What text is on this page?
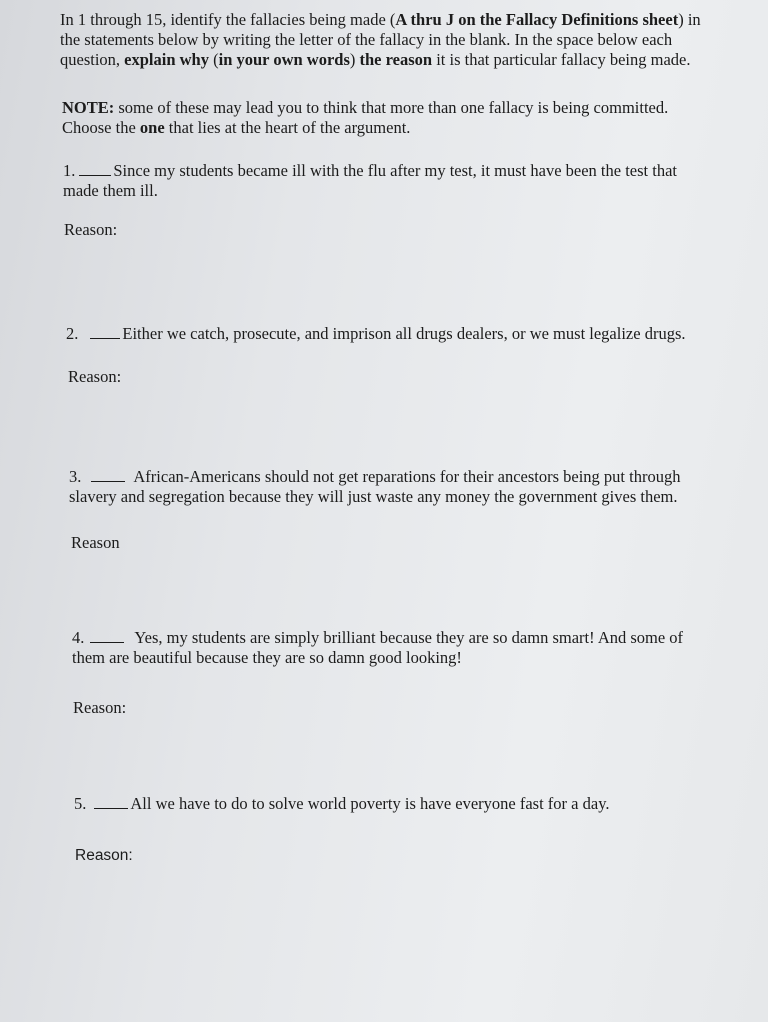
In 1 through 15, identify the fallacies being made (A thru J on the Fallacy Definitions sheet) in
the statements below by writing the letter of the fallacy in the blank. In the space below each
question, explain why (in your own words) the reason it is that particular fallacy being made.
NOTE: some of these may lead you to think that more than one fallacy is being committed.
Choose the one that lies at the heart of the argument.
1. Since my students became ill with the flu after my test, it must have been the test that
made them ill.
Reason:
2.	Either we catch, prosecute, and imprison all drugs dealers, or we must legalize drugs.
Reason:
3.	African-Americans should not get reparations for their ancestors being put through
slavery and segregation because they will just waste any money the government gives them.
Reason
4.	Yes, my students are simply brilliant because they are so damn smart! And some of
them are beautiful because they are so damn good looking!
Reason:
5.	All we have to do to solve world poverty is have everyone fast for a day.
Reason:
